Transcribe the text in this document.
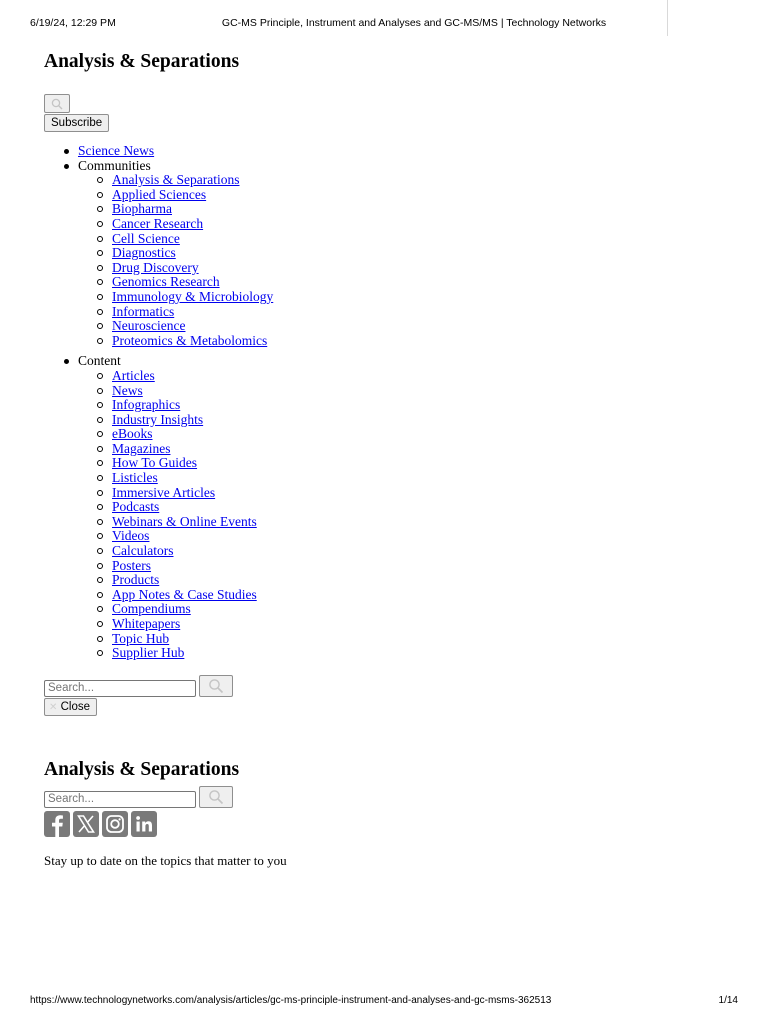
6/19/24, 12:29 PM	GC-MS Principle, Instrument and Analyses and GC-MS/MS | Technology Networks
Analysis & Separations
Subscribe
Science News
Communities
Analysis & Separations
Applied Sciences
Biopharma
Cancer Research
Cell Science
Diagnostics
Drug Discovery
Genomics Research
Immunology & Microbiology
Informatics
Neuroscience
Proteomics & Metabolomics
Content
Articles
News
Infographics
Industry Insights
eBooks
Magazines
How To Guides
Listicles
Immersive Articles
Podcasts
Webinars & Online Events
Videos
Calculators
Posters
Products
App Notes & Case Studies
Compendiums
Whitepapers
Topic Hub
Supplier Hub
Search...
✕ Close
Analysis & Separations
Search...

Stay up to date on the topics that matter to you

https://www.technologynetworks.com/analysis/articles/gc-ms-principle-instrument-and-analyses-and-gc-msms-362513	1/14
